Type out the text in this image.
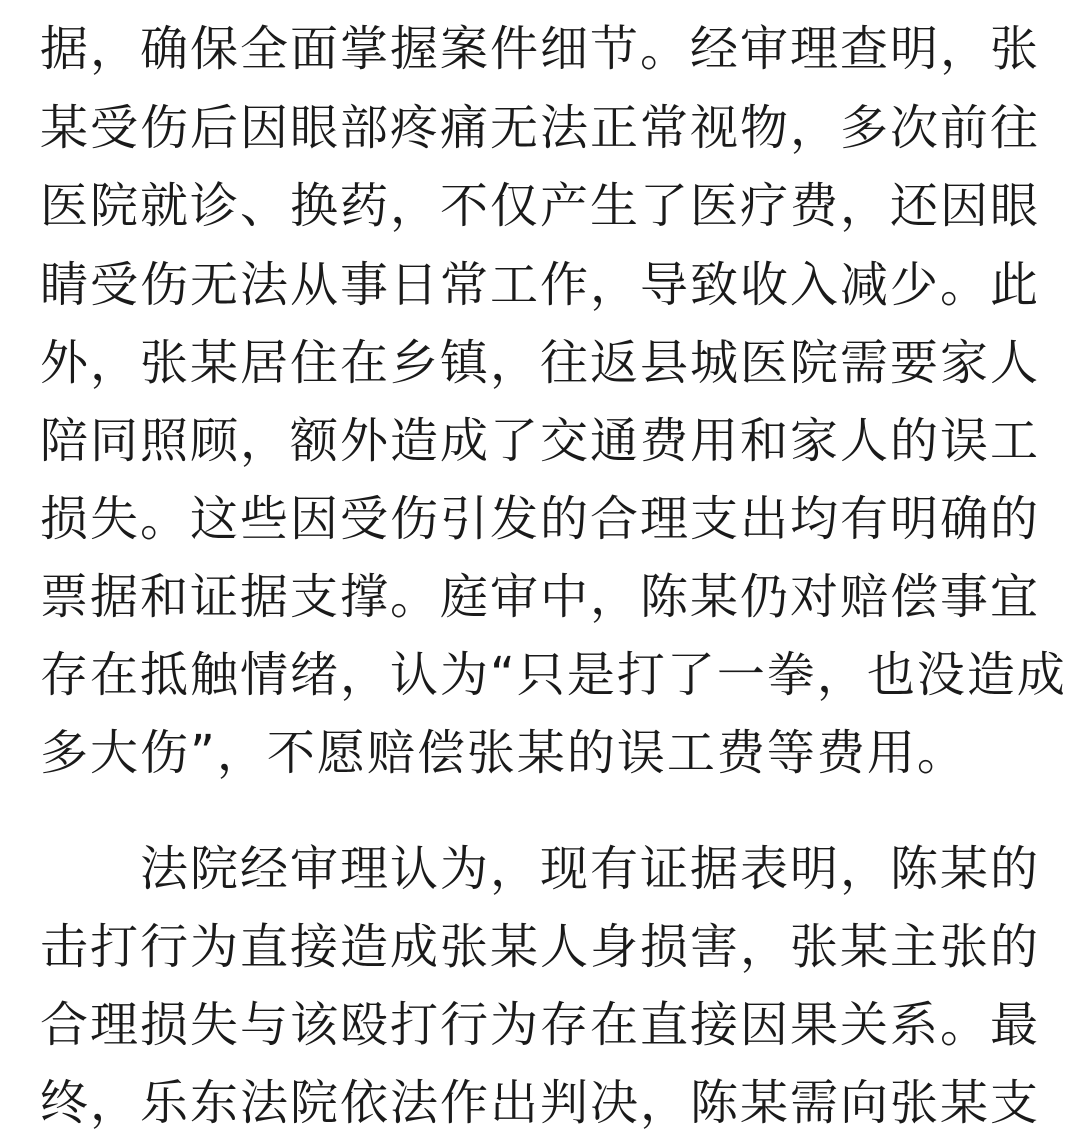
据，确保全面掌握案件细节。经审理查明，张
某受伤后因眼部疼痛无法正常视物，多次前往
医院就诊、换药，不仅产生了医疗费，还因眼
睛受伤无法从事日常工作，导致收入减少。此
外，张某居住在乡镇，往返县城医院需要家人
陪同照顾，额外造成了交通费用和家人的误工
损失。这些因受伤引发的合理支出均有明确的
票据和证据支撑。庭审中，陈某仍对赔偿事宜
存在抵触情绪，认为“只是打了一拳，也没造成
多大伤”，不愿赔偿张某的误工费等费用。
法院经审理认为，现有证据表明，陈某的
击打行为直接造成张某人身损害，张某主张的
合理损失与该殴打行为存在直接因果关系。最
终，乐东法院依法作出判决，陈某需向张某支
